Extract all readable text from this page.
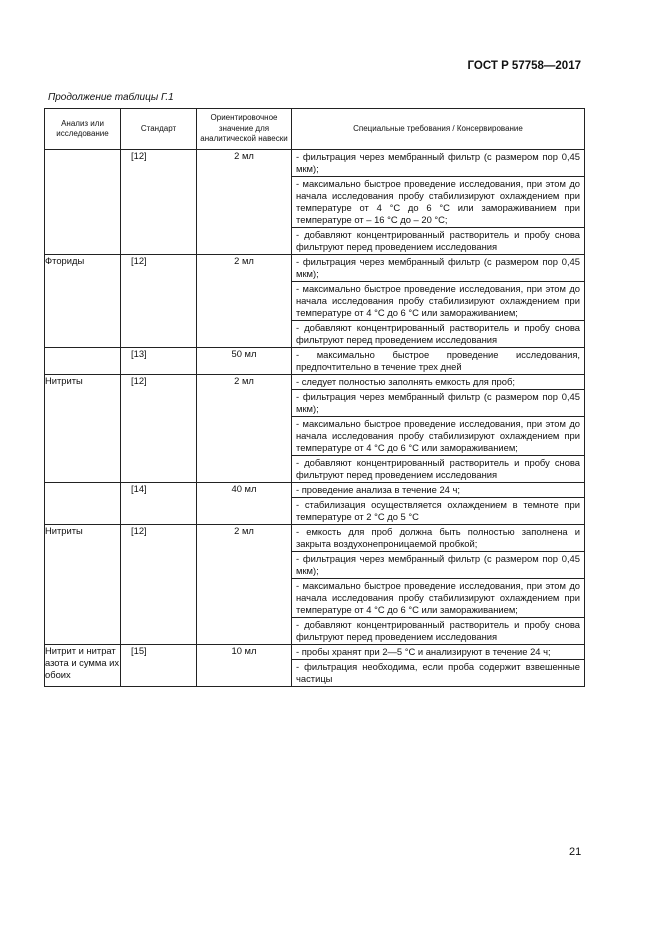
ГОСТ Р 57758—2017
Продолжение таблицы Г.1
Анализ или исследование	Стандарт	Ориентировочное значение для аналитической навески	Специальные требования / Консервирование

	[12]	2 мл	- фильтрация через мембранный фильтр (с размером пор 0,45 мкм);
- максимально быстрое проведение исследования, при этом до начала исследования пробу стабилизируют охлаждением при температуре от 4 °С до 6 °С или замораживанием при температуре от – 16 °С до – 20 °С;
- добавляют концентрированный растворитель и пробу снова фильтруют перед проведением исследования

Фториды	[12]	2 мл	- фильтрация через мембранный фильтр (с размером пор 0,45 мкм);
- максимально быстрое проведение исследования, при этом до начала исследования пробу стабилизируют охлаждением при температуре от 4 °С до 6 °С или замораживанием;
- добавляют концентрированный растворитель и пробу снова фильтруют перед проведением исследования

	[13]	50 мл	- максимально быстрое проведение исследования, предпочтительно в течение трех дней

Нитриты	[12]	2 мл	- следует полностью заполнять емкость для проб;
- фильтрация через мембранный фильтр (с размером пор 0,45 мкм);
- максимально быстрое проведение исследования, при этом до начала исследования пробу стабилизируют охлаждением при температуре от 4 °С до 6 °С или замораживанием;
- добавляют концентрированный растворитель и пробу снова фильтруют перед проведением исследования

	[14]	40 мл	- проведение анализа в течение 24 ч;
- стабилизация осуществляется охлаждением в темноте при температуре от 2 °С до 5 °С

Нитриты	[12]	2 мл	- емкость для проб должна быть полностью заполнена и закрыта воздухонепроницаемой пробкой;
- фильтрация через мембранный фильтр (с размером пор 0,45 мкм);
- максимально быстрое проведение исследования, при этом до начала исследования пробу стабилизируют охлаждением при температуре от 4 °С до 6 °С или замораживанием;
- добавляют концентрированный растворитель и пробу снова фильтруют перед проведением исследования

Нитрит и нитрат азота и сумма их обоих	[15]	10 мл	- пробы хранят при 2—5 °С и анализируют в течение 24 ч;
- фильтрация необходима, если проба содержит взвешенные частицы
21
